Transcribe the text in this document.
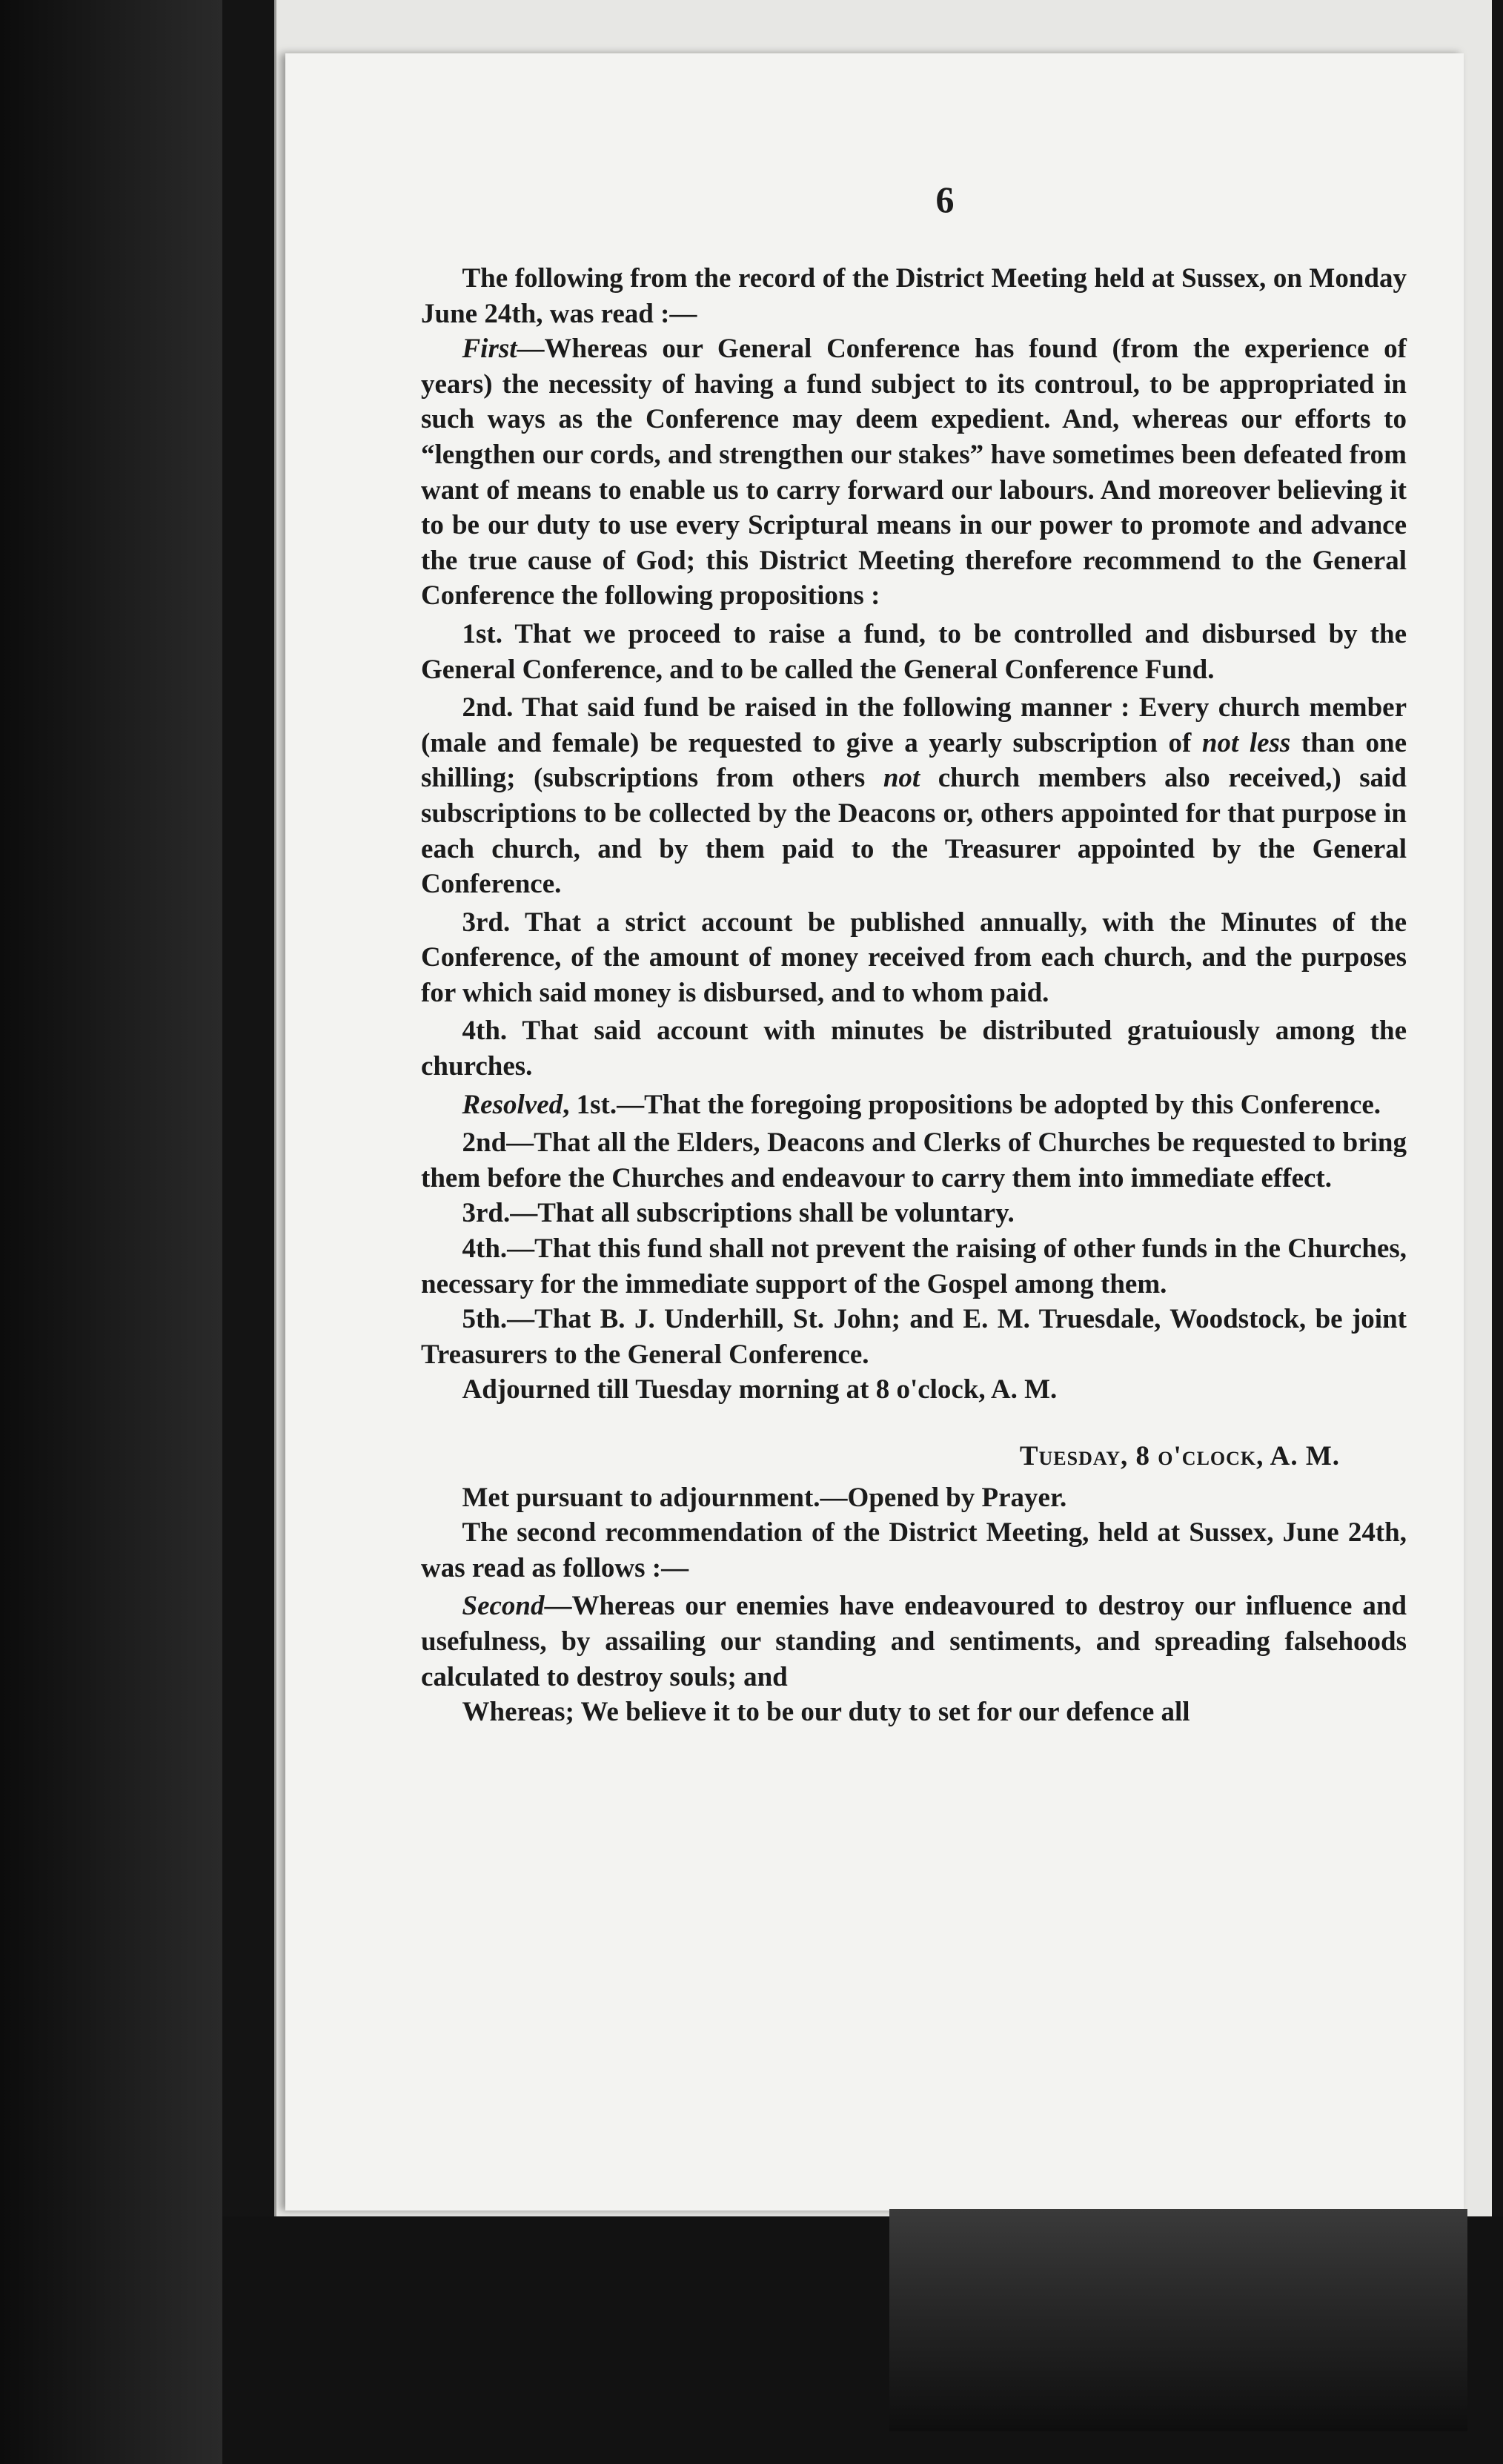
6

The following from the record of the District Meeting held at Sussex, on Monday June 24th, was read :—

First—Whereas our General Conference has found (from the experience of years) the necessity of having a fund subject to its controul, to be appropriated in such ways as the Conference may deem expedient. And, whereas our efforts to “lengthen our cords, and strengthen our stakes” have sometimes been defeated from want of means to enable us to carry forward our labours. And moreover believing it to be our duty to use every Scriptural means in our power to promote and advance the true cause of God; this District Meeting therefore recommend to the General Conference the following propositions :

1st. That we proceed to raise a fund, to be controlled and disbursed by the General Conference, and to be called the General Conference Fund.

2nd. That said fund be raised in the following manner : Every church member (male and female) be requested to give a yearly subscription of not less than one shilling; (subscriptions from others not church members also received,) said subscriptions to be collected by the Deacons or, others appointed for that purpose in each church, and by them paid to the Treasurer appointed by the General Conference.

3rd. That a strict account be published annually, with the Minutes of the Conference, of the amount of money received from each church, and the purposes for which said money is disbursed, and to whom paid.

4th. That said account with minutes be distributed gratuiously among the churches.

Resolved, 1st.—That the foregoing propositions be adopted by this Conference.

2nd—That all the Elders, Deacons and Clerks of Churches be requested to bring them before the Churches and endeavour to carry them into immediate effect.

3rd.—That all subscriptions shall be voluntary.

4th.—That this fund shall not prevent the raising of other funds in the Churches, necessary for the immediate support of the Gospel among them.

5th.—That B. J. Underhill, St. John; and E. M. Truesdale, Woodstock, be joint Treasurers to the General Conference.

Adjourned till Tuesday morning at 8 o'clock, A. M.

Tuesday, 8 o'clock, A. M.

Met pursuant to adjournment.—Opened by Prayer.

The second recommendation of the District Meeting, held at Sussex, June 24th, was read as follows :—

Second—Whereas our enemies have endeavoured to destroy our influence and usefulness, by assailing our standing and sentiments, and spreading falsehoods calculated to destroy souls; and

Whereas; We believe it to be our duty to set for our defence all
